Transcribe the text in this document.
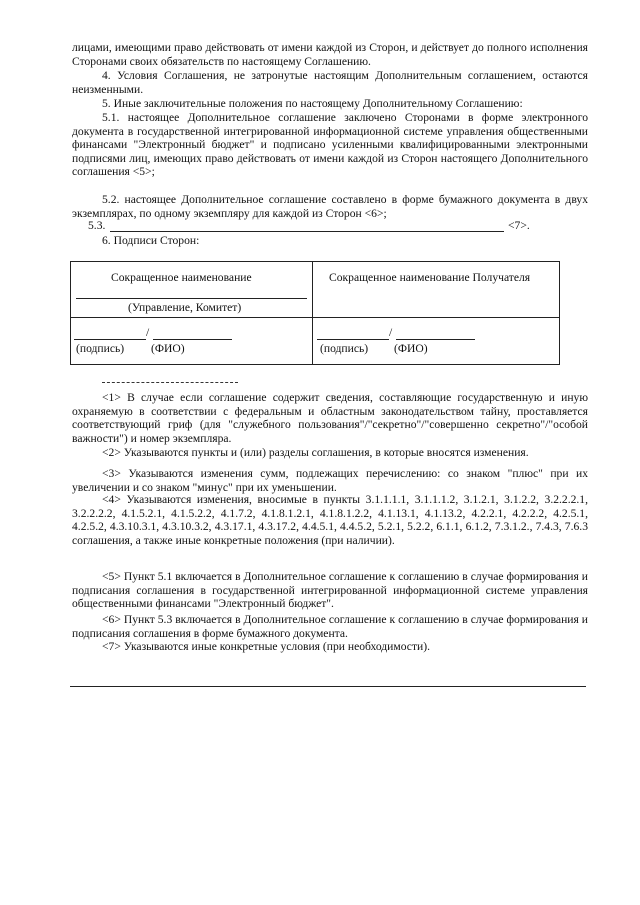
лицами, имеющими право действовать от имени каждой из Сторон, и действует до полного исполнения Сторонами своих обязательств по настоящему Соглашению.

4. Условия Соглашения, не затронутые настоящим Дополнительным соглашением, остаются неизменными.

5. Иные заключительные положения по настоящему Дополнительному Соглашению:

5.1. настоящее Дополнительное соглашение заключено Сторонами в форме электронного документа в государственной интегрированной информационной системе управления общественными финансами "Электронный бюджет" и подписано усиленными квалифицированными электронными подписями лиц, имеющих право действовать от имени каждой из Сторон настоящего Дополнительного соглашения <5>;

5.2. настоящее Дополнительное соглашение составлено в форме бумажного документа в двух экземплярах, по одному экземпляру для каждой из Сторон <6>;

5.3.	<7>.

6. Подписи Сторон:

Сокращенное наименование
(Управление, Комитет)
Сокращенное наименование Получателя
/
(подпись) (ФИО)
/
(подпись) (ФИО)

<1> В случае если соглашение содержит сведения, составляющие государственную и иную охраняемую в соответствии с федеральным и областным законодательством тайну, проставляется соответствующий гриф (для "служебного пользования"/"секретно"/"совершенно секретно"/"особой важности") и номер экземпляра.

<2> Указываются пункты и (или) разделы соглашения, в которые вносятся изменения.

<3> Указываются изменения сумм, подлежащих перечислению: со знаком "плюс" при их увеличении и со знаком "минус" при их уменьшении.

<4> Указываются изменения, вносимые в пункты 3.1.1.1.1, 3.1.1.1.2, 3.1.2.1, 3.1.2.2, 3.2.2.2.1, 3.2.2.2.2, 4.1.5.2.1, 4.1.5.2.2, 4.1.7.2, 4.1.8.1.2.1, 4.1.8.1.2.2, 4.1.13.1, 4.1.13.2, 4.2.2.1, 4.2.2.2, 4.2.5.1, 4.2.5.2, 4.3.10.3.1, 4.3.10.3.2, 4.3.17.1, 4.3.17.2, 4.4.5.1, 4.4.5.2, 5.2.1, 5.2.2, 6.1.1, 6.1.2, 7.3.1.2., 7.4.3, 7.6.3 соглашения, а также иные конкретные положения (при наличии).

<5> Пункт 5.1 включается в Дополнительное соглашение к соглашению в случае формирования и подписания соглашения в государственной интегрированной информационной системе управления общественными финансами "Электронный бюджет".

<6> Пункт 5.3 включается в Дополнительное соглашение к соглашению в случае формирования и подписания соглашения в форме бумажного документа.

<7> Указываются иные конкретные условия (при необходимости).
